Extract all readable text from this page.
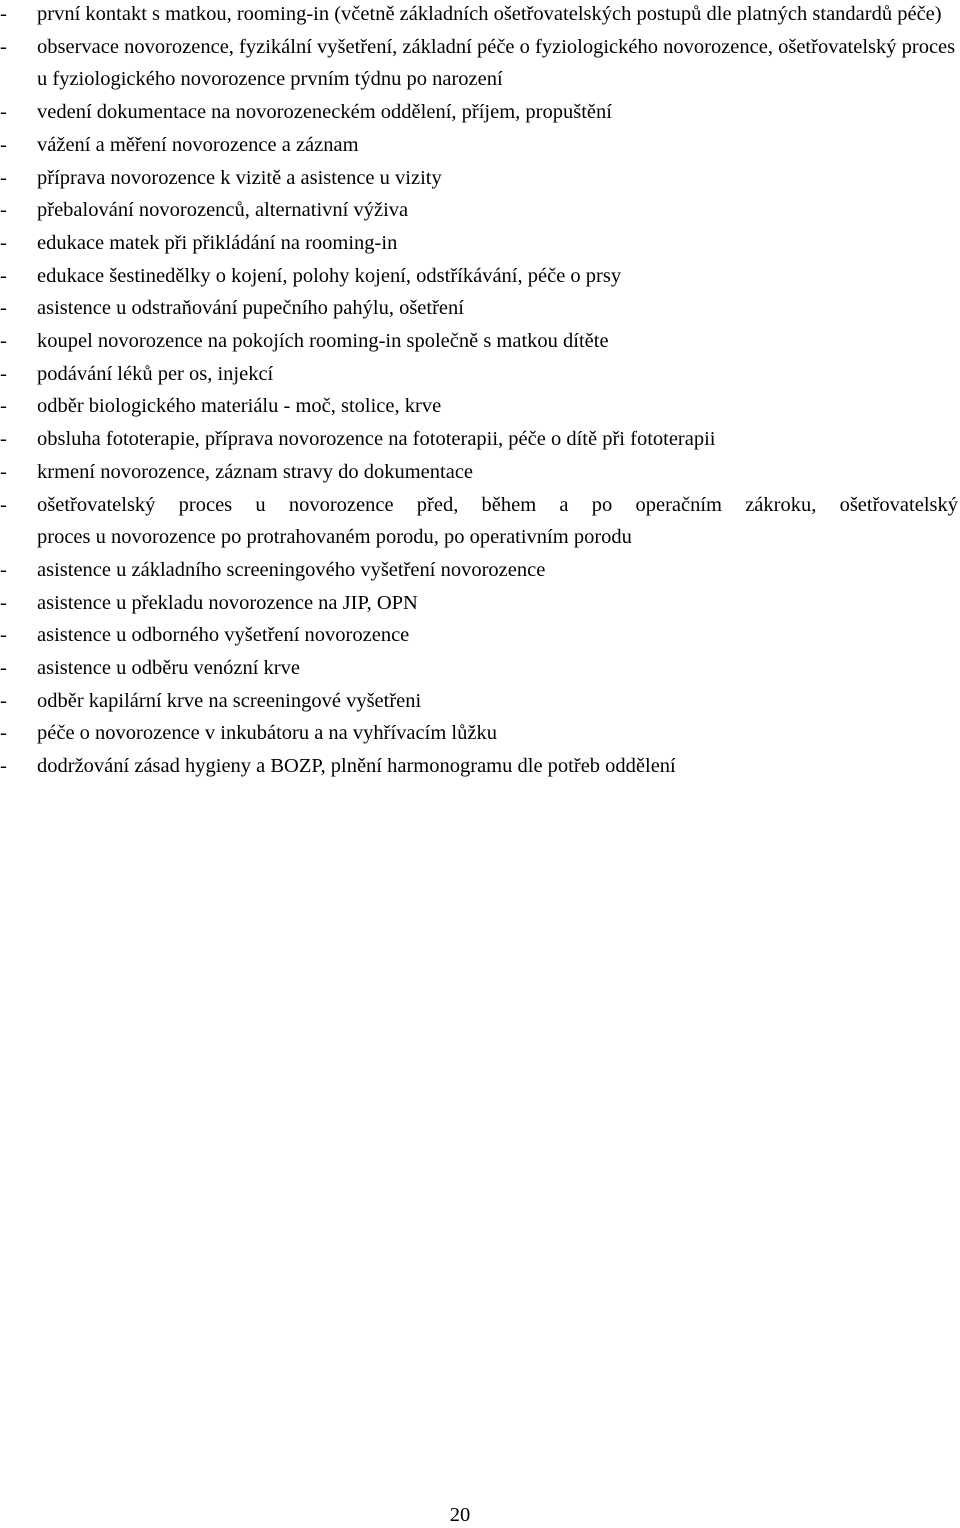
-	první kontakt s matkou, rooming-in (včetně základních ošetřovatelských postupů dle platných standardů péče)
-	observace novorozence, fyzikální vyšetření, základní péče o fyziologického novorozence, ošetřovatelský proces u fyziologického novorozence prvním týdnu po narození
-	vedení dokumentace na novorozeneckém oddělení, příjem, propuštění
-	vážení a měření novorozence a záznam
-	příprava novorozence k vizitě a asistence u vizity
-	přebalování novorozenců, alternativní výživa
-	edukace matek při přikládání na rooming-in
-	edukace šestinedělky o kojení, polohy kojení, odstříkávání, péče o prsy
-	asistence u odstraňování pupečního pahýlu, ošetření
-	koupel novorozence na pokojích rooming-in společně s matkou dítěte
-	podávání léků per os, injekcí
-	odběr biologického materiálu - moč, stolice, krve
-	obsluha fototerapie, příprava novorozence na fototerapii, péče o dítě při fototerapii
-	krmení novorozence, záznam stravy do dokumentace
-	ošetřovatelský proces u novorozence před, během a po operačním zákroku, ošetřovatelský
proces u novorozence po protrahovaném porodu, po operativním porodu
-	asistence u základního screeningového vyšetření novorozence
-	asistence u překladu novorozence na JIP, OPN
-	asistence u odborného vyšetření novorozence
-	asistence u odběru venózní krve
-	odběr kapilární krve na screeningové vyšetřeni
-	péče o novorozence v inkubátoru a na vyhřívacím lůžku
-	dodržování zásad hygieny a BOZP, plnění harmonogramu dle potřeb oddělení
20
